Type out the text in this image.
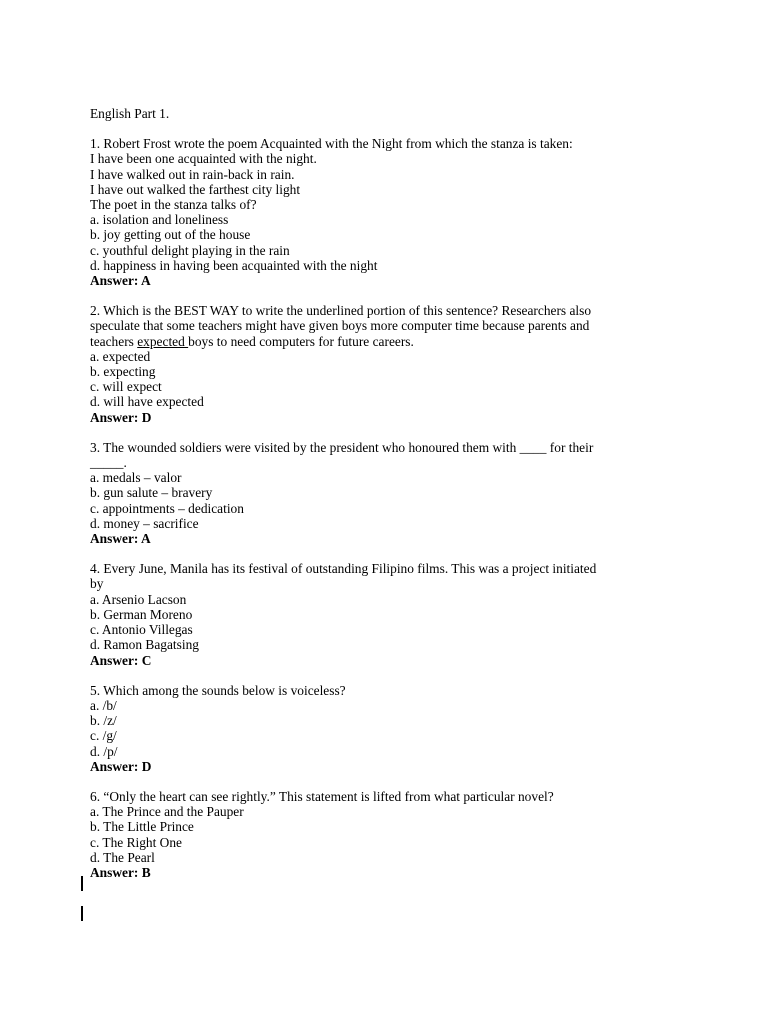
English Part 1.
1. Robert Frost wrote the poem Acquainted with the Night from which the stanza is taken:
I have been one acquainted with the night.
I have walked out in rain-back in rain.
I have out walked the farthest city light
The poet in the stanza talks of?
a. isolation and loneliness
b. joy getting out of the house
c. youthful delight playing in the rain
d. happiness in having been acquainted with the night
Answer: A
2. Which is the BEST WAY to write the underlined portion of this sentence? Researchers also
speculate that some teachers might have given boys more computer time because parents and
teachers expected boys to need computers for future careers.
a. expected
b. expecting
c. will expect
d. will have expected
Answer: D
3. The wounded soldiers were visited by the president who honoured them with ____ for their
_____.
a. medals – valor
b. gun salute – bravery
c. appointments – dedication
d. money – sacrifice
Answer: A
4. Every June, Manila has its festival of outstanding Filipino films. This was a project initiated
by
a. Arsenio Lacson
b. German Moreno
c. Antonio Villegas
d. Ramon Bagatsing
Answer: C
5. Which among the sounds below is voiceless?
a. /b/
b. /z/
c. /g/
d. /p/
Answer: D
6. “Only the heart can see rightly.” This statement is lifted from what particular novel?
a. The Prince and the Pauper
b. The Little Prince
c. The Right One
d. The Pearl
Answer: B
